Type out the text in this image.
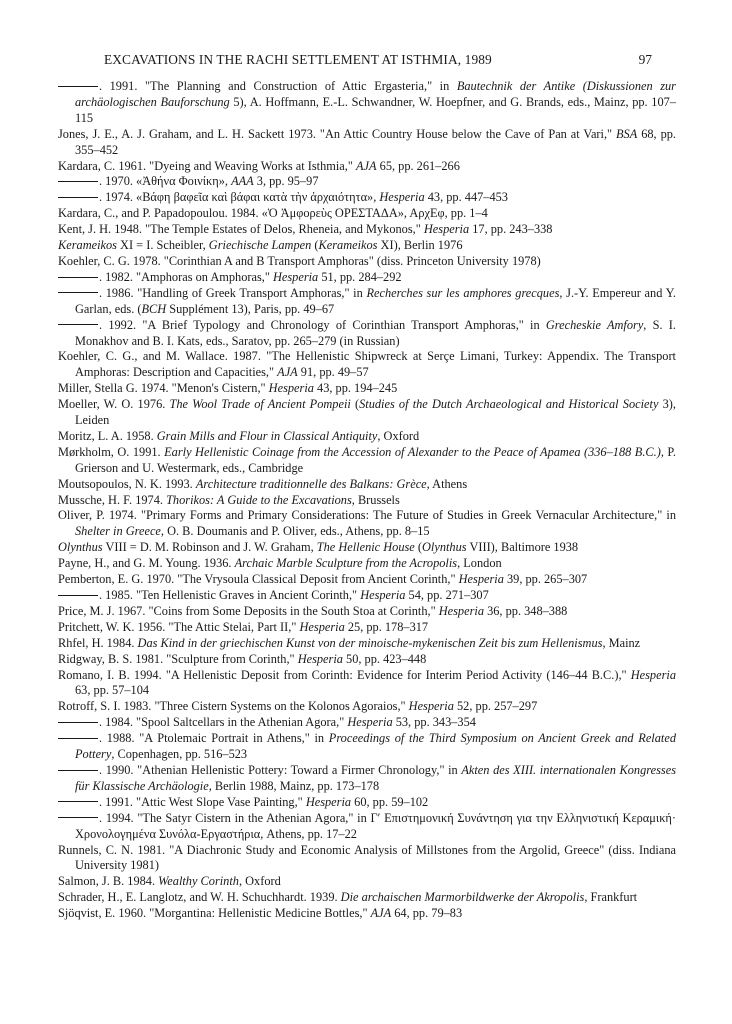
EXCAVATIONS IN THE RACHI SETTLEMENT AT ISTHMIA, 1989	97
. 1991. "The Planning and Construction of Attic Ergasteria," in Bautechnik der Antike (Diskussionen zur archäologischen Bauforschung 5), A. Hoffmann, E.-L. Schwandner, W. Hoepfner, and G. Brands, eds., Mainz, pp. 107–115
Jones, J. E., A. J. Graham, and L. H. Sackett 1973. "An Attic Country House below the Cave of Pan at Vari," BSA 68, pp. 355–452
Kardara, C. 1961. "Dyeing and Weaving Works at Isthmia," AJA 65, pp. 261–266
. 1970. «Ἀθήνα Φοινίκη», AAA 3, pp. 95–97
. 1974. «Βάφη βαφεῖα καὶ βάφαι κατὰ τὴν ἀρχαιότητα», Hesperia 43, pp. 447–453
Kardara, C., and P. Papadopoulou. 1984. «Ὁ Ἀμφορεὺς ΟΡΕΣΤΑΔΑ», ΑρχΕφ, pp. 1–4
Kent, J. H. 1948. "The Temple Estates of Delos, Rheneia, and Mykonos," Hesperia 17, pp. 243–338
Kerameikos XI = I. Scheibler, Griechische Lampen (Kerameikos XI), Berlin 1976
Koehler, C. G. 1978. "Corinthian A and B Transport Amphoras" (diss. Princeton University 1978)
. 1982. "Amphoras on Amphoras," Hesperia 51, pp. 284–292
. 1986. "Handling of Greek Transport Amphoras," in Recherches sur les amphores grecques, J.-Y. Empereur and Y. Garlan, eds. (BCH Supplément 13), Paris, pp. 49–67
. 1992. "A Brief Typology and Chronology of Corinthian Transport Amphoras," in Grecheskie Amfory, S. I. Monakhov and B. I. Kats, eds., Saratov, pp. 265–279 (in Russian)
Koehler, C. G., and M. Wallace. 1987. "The Hellenistic Shipwreck at Serçe Limani, Turkey: Appendix. The Transport Amphoras: Description and Capacities," AJA 91, pp. 49–57
Miller, Stella G. 1974. "Menon's Cistern," Hesperia 43, pp. 194–245
Moeller, W. O. 1976. The Wool Trade of Ancient Pompeii (Studies of the Dutch Archaeological and Historical Society 3), Leiden
Moritz, L. A. 1958. Grain Mills and Flour in Classical Antiquity, Oxford
Mørkholm, O. 1991. Early Hellenistic Coinage from the Accession of Alexander to the Peace of Apamea (336–188 B.C.), P. Grierson and U. Westermark, eds., Cambridge
Moutsopoulos, N. K. 1993. Architecture traditionnelle des Balkans: Grèce, Athens
Mussche, H. F. 1974. Thorikos: A Guide to the Excavations, Brussels
Oliver, P. 1974. "Primary Forms and Primary Considerations: The Future of Studies in Greek Vernacular Architecture," in Shelter in Greece, O. B. Doumanis and P. Oliver, eds., Athens, pp. 8–15
Olynthus VIII = D. M. Robinson and J. W. Graham, The Hellenic House (Olynthus VIII), Baltimore 1938
Payne, H., and G. M. Young. 1936. Archaic Marble Sculpture from the Acropolis, London
Pemberton, E. G. 1970. "The Vrysoula Classical Deposit from Ancient Corinth," Hesperia 39, pp. 265–307
. 1985. "Ten Hellenistic Graves in Ancient Corinth," Hesperia 54, pp. 271–307
Price, M. J. 1967. "Coins from Some Deposits in the South Stoa at Corinth," Hesperia 36, pp. 348–388
Pritchett, W. K. 1956. "The Attic Stelai, Part II," Hesperia 25, pp. 178–317
Rhfel, H. 1984. Das Kind in der griechischen Kunst von der minoische-mykenischen Zeit bis zum Hellenismus, Mainz
Ridgway, B. S. 1981. "Sculpture from Corinth," Hesperia 50, pp. 423–448
Romano, I. B. 1994. "A Hellenistic Deposit from Corinth: Evidence for Interim Period Activity (146–44 B.C.)," Hesperia 63, pp. 57–104
Rotroff, S. I. 1983. "Three Cistern Systems on the Kolonos Agoraios," Hesperia 52, pp. 257–297
. 1984. "Spool Saltcellars in the Athenian Agora," Hesperia 53, pp. 343–354
. 1988. "A Ptolemaic Portrait in Athens," in Proceedings of the Third Symposium on Ancient Greek and Related Pottery, Copenhagen, pp. 516–523
. 1990. "Athenian Hellenistic Pottery: Toward a Firmer Chronology," in Akten des XIII. internationalen Kongresses für Klassische Archäologie, Berlin 1988, Mainz, pp. 173–178
. 1991. "Attic West Slope Vase Painting," Hesperia 60, pp. 59–102
. 1994. "The Satyr Cistern in the Athenian Agora," in Γ′ Επιστημονική Συνάντηση για την Ελληνιστική Κεραμική· Χρονολογημένα Συνόλα-Εργαστήρια, Athens, pp. 17–22
Runnels, C. N. 1981. "A Diachronic Study and Economic Analysis of Millstones from the Argolid, Greece" (diss. Indiana University 1981)
Salmon, J. B. 1984. Wealthy Corinth, Oxford
Schrader, H., E. Langlotz, and W. H. Schuchhardt. 1939. Die archaischen Marmorbildwerke der Akropolis, Frankfurt
Sjöqvist, E. 1960. "Morgantina: Hellenistic Medicine Bottles," AJA 64, pp. 79–83
